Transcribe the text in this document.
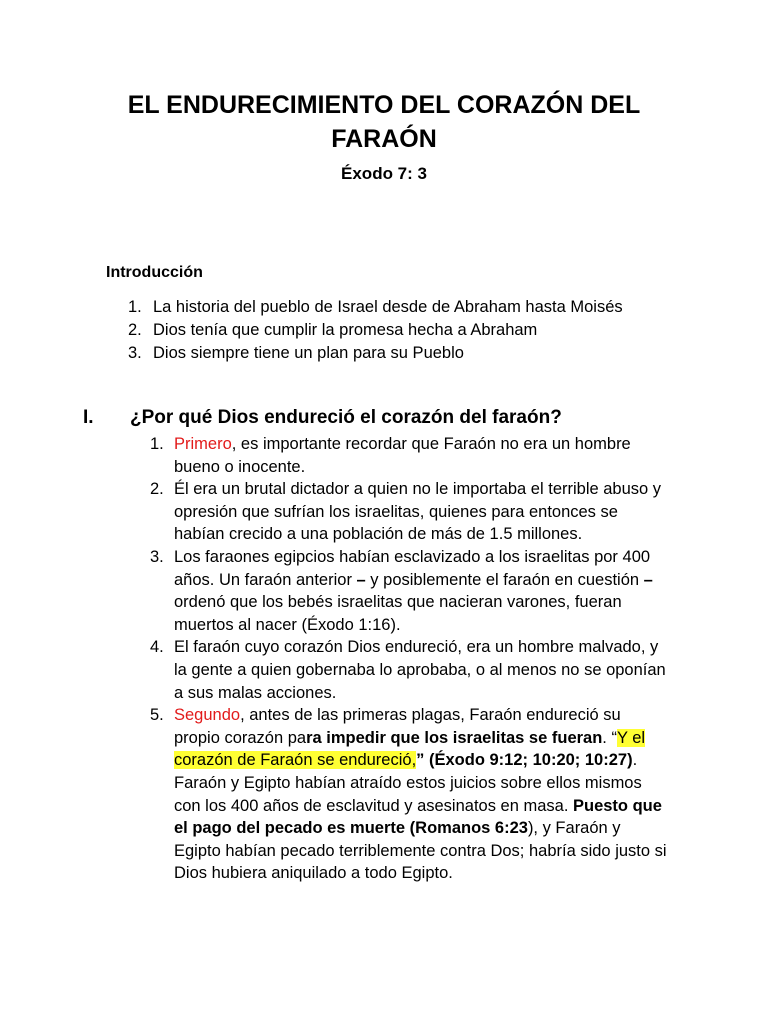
EL ENDURECIMIENTO DEL CORAZÓN DEL
FARAÓN
Éxodo 7: 3
Introducción
1. La historia del pueblo de Israel desde de Abraham hasta Moisés
2. Dios tenía que cumplir la promesa hecha a Abraham
3. Dios siempre tiene un plan para su Pueblo
I. ¿Por qué Dios endureció el corazón del faraón?
1. Primero, es importante recordar que Faraón no era un hombre bueno o inocente.
2. Él era un brutal dictador a quien no le importaba el terrible abuso y opresión que sufrían los israelitas, quienes para entonces se habían crecido a una población de más de 1.5 millones.
3. Los faraones egipcios habían esclavizado a los israelitas por 400 años. Un faraón anterior – y posiblemente el faraón en cuestión – ordenó que los bebés israelitas que nacieran varones, fueran muertos al nacer (Éxodo 1:16).
4. El faraón cuyo corazón Dios endureció, era un hombre malvado, y la gente a quien gobernaba lo aprobaba, o al menos no se oponían a sus malas acciones.
5. Segundo, antes de las primeras plagas, Faraón endureció su propio corazón para impedir que los israelitas se fueran. “Y el corazón de Faraón se endureció,” (Éxodo 9:12; 10:20; 10:27). Faraón y Egipto habían atraído estos juicios sobre ellos mismos con los 400 años de esclavitud y asesinatos en masa. Puesto que el pago del pecado es muerte (Romanos 6:23), y Faraón y Egipto habían pecado terriblemente contra Dos; habría sido justo si Dios hubiera aniquilado a todo Egipto.
